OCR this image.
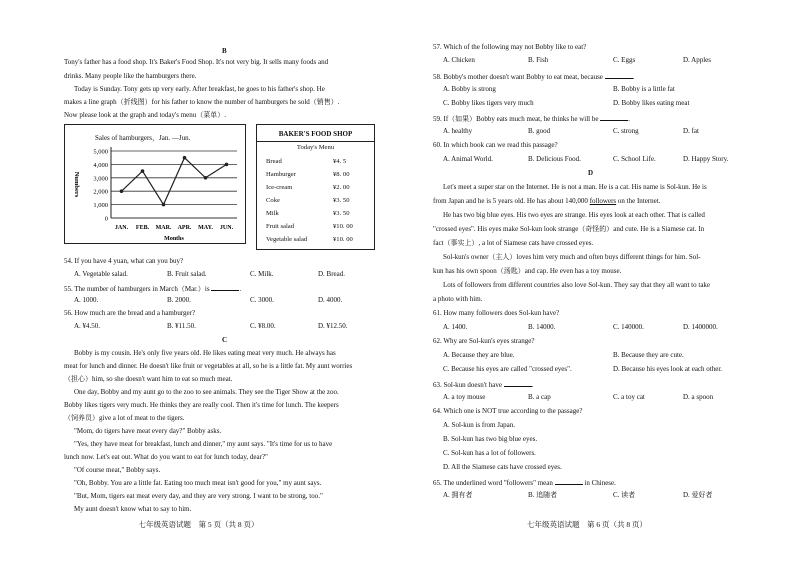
B
Tony's father has a food shop. It's Baker's Food Shop. It's not very big. It sells many foods and
drinks. Many people like the hamburgers there.
Today is Sunday. Tony gets up very early. After breakfast, he goes to his father's shop. He
makes a line graph（折线图）for his father to know the number of hamburgers he sold（销售）.
Now please look at the graph and today's menu（菜单）.
Sales of hamburgers，Jan. —Jun.
0
1,000
2,000
3,000
4,000
5,000
JAN. FEB. MAR. APR. MAY. JUN.
Months
Numbers
BAKER'S FOOD SHOP
Today's Menu
Bread	¥4. 5
Hamburger	¥8. 00
Ice-cream	¥2. 00
Coke	¥3. 50
Milk	¥3. 50
Fruit salad	¥10. 00
Vegetable salad	¥10. 00
54. If you have 4 yuan, what can you buy?
A. Vegetable salad.	B. Fruit salad.	C. Milk.	D. Bread.
55. The number of hamburgers in March（Mar.）is	.
A. 1000.	B. 2000.	C. 3000.	D. 4000.
56. How much are the bread and a hamburger?
A. ¥4.50.	B. ¥11.50.	C. ¥8.00.	D. ¥12.50.
C
Bobby is my cousin. He's only five years old. He likes eating meat very much. He always has
meat for lunch and dinner. He doesn't like fruit or vegetables at all, so he is a little fat. My aunt worries
（担心）him, so she doesn't want him to eat so much meat.
One day, Bobby and my aunt go to the zoo to see animals. They see the Tiger Show at the zoo.
Bobby likes tigers very much. He thinks they are really cool. Then it's time for lunch. The keepers
（饲养员）give a lot of meat to the tigers.
"Mom, do tigers have meat every day?" Bobby asks.
"Yes, they have meat for breakfast, lunch and dinner," my aunt says. "It's time for us to have
lunch now. Let's eat out. What do you want to eat for lunch today, dear?"
"Of course meat," Bobby says.
"Oh, Bobby. You are a little fat. Eating too much meat isn't good for you," my aunt says.
"But, Mom, tigers eat meat every day, and they are very strong. I want to be strong, too."
My aunt doesn't know what to say to him.
七年级英语试题　第 5 页（共 8 页）
57. Which of the following may not Bobby like to eat?
A. Chicken	B. Fish	C. Eggs	D. Apples
58. Bobby's mother doesn't want Bobby to eat meat, because	.
A. Bobby is strong	B. Bobby is a little fat
C. Bobby likes tigers very much	D. Bobby likes eating meat
59. If（如果）Bobby eats much meat, he thinks he will be	.
A. healthy	B. good	C. strong	D. fat
60. In which book can we read this passage?
A. Animal World.	B. Delicious Food.	C. School Life.	D. Happy Story.
D
Let's meet a super star on the Internet. He is not a man. He is a cat. His name is Sol-kun. He is
from Japan and he is 5 years old. He has about 140,000 followers on the Internet.
He has two big blue eyes. His two eyes are strange. His eyes look at each other. That is called
"crossed eyes". His eyes make Sol-kun look strange（奇怪的）and cute. He is a Siamese cat. In
fact（事实上）, a lot of Siamese cats have crossed eyes.
Sol-kun's owner（主人）loves him very much and often buys different things for him. Sol-
kun has his own spoon（汤匙）and cap. He even has a toy mouse.
Lots of followers from different countries also love Sol-kun. They say that they all want to take
a photo with him.
61. How many followers does Sol-kun have?
A. 1400.	B. 14000.	C. 140000.	D. 1400000.
62. Why are Sol-kun's eyes strange?
A. Because they are blue.	B. Because they are cute.
C. Because his eyes are called "crossed eyes".	D. Because his eyes look at each other.
63. Sol-kun doesn't have	.
A. a toy mouse	B. a cap	C. a toy cat	D. a spoon
64. Which one is NOT true according to the passage?
A. Sol-kun is from Japan.
B. Sol-kun has two big blue eyes.
C. Sol-kun has a lot of followers.
D. All the Siamese cats have crossed eyes.
65. The underlined word "followers" mean	in Chinese.
A. 拥有者	B. 追随者	C. 读者	D. 爱好者
七年级英语试题　第 6 页（共 8 页）
